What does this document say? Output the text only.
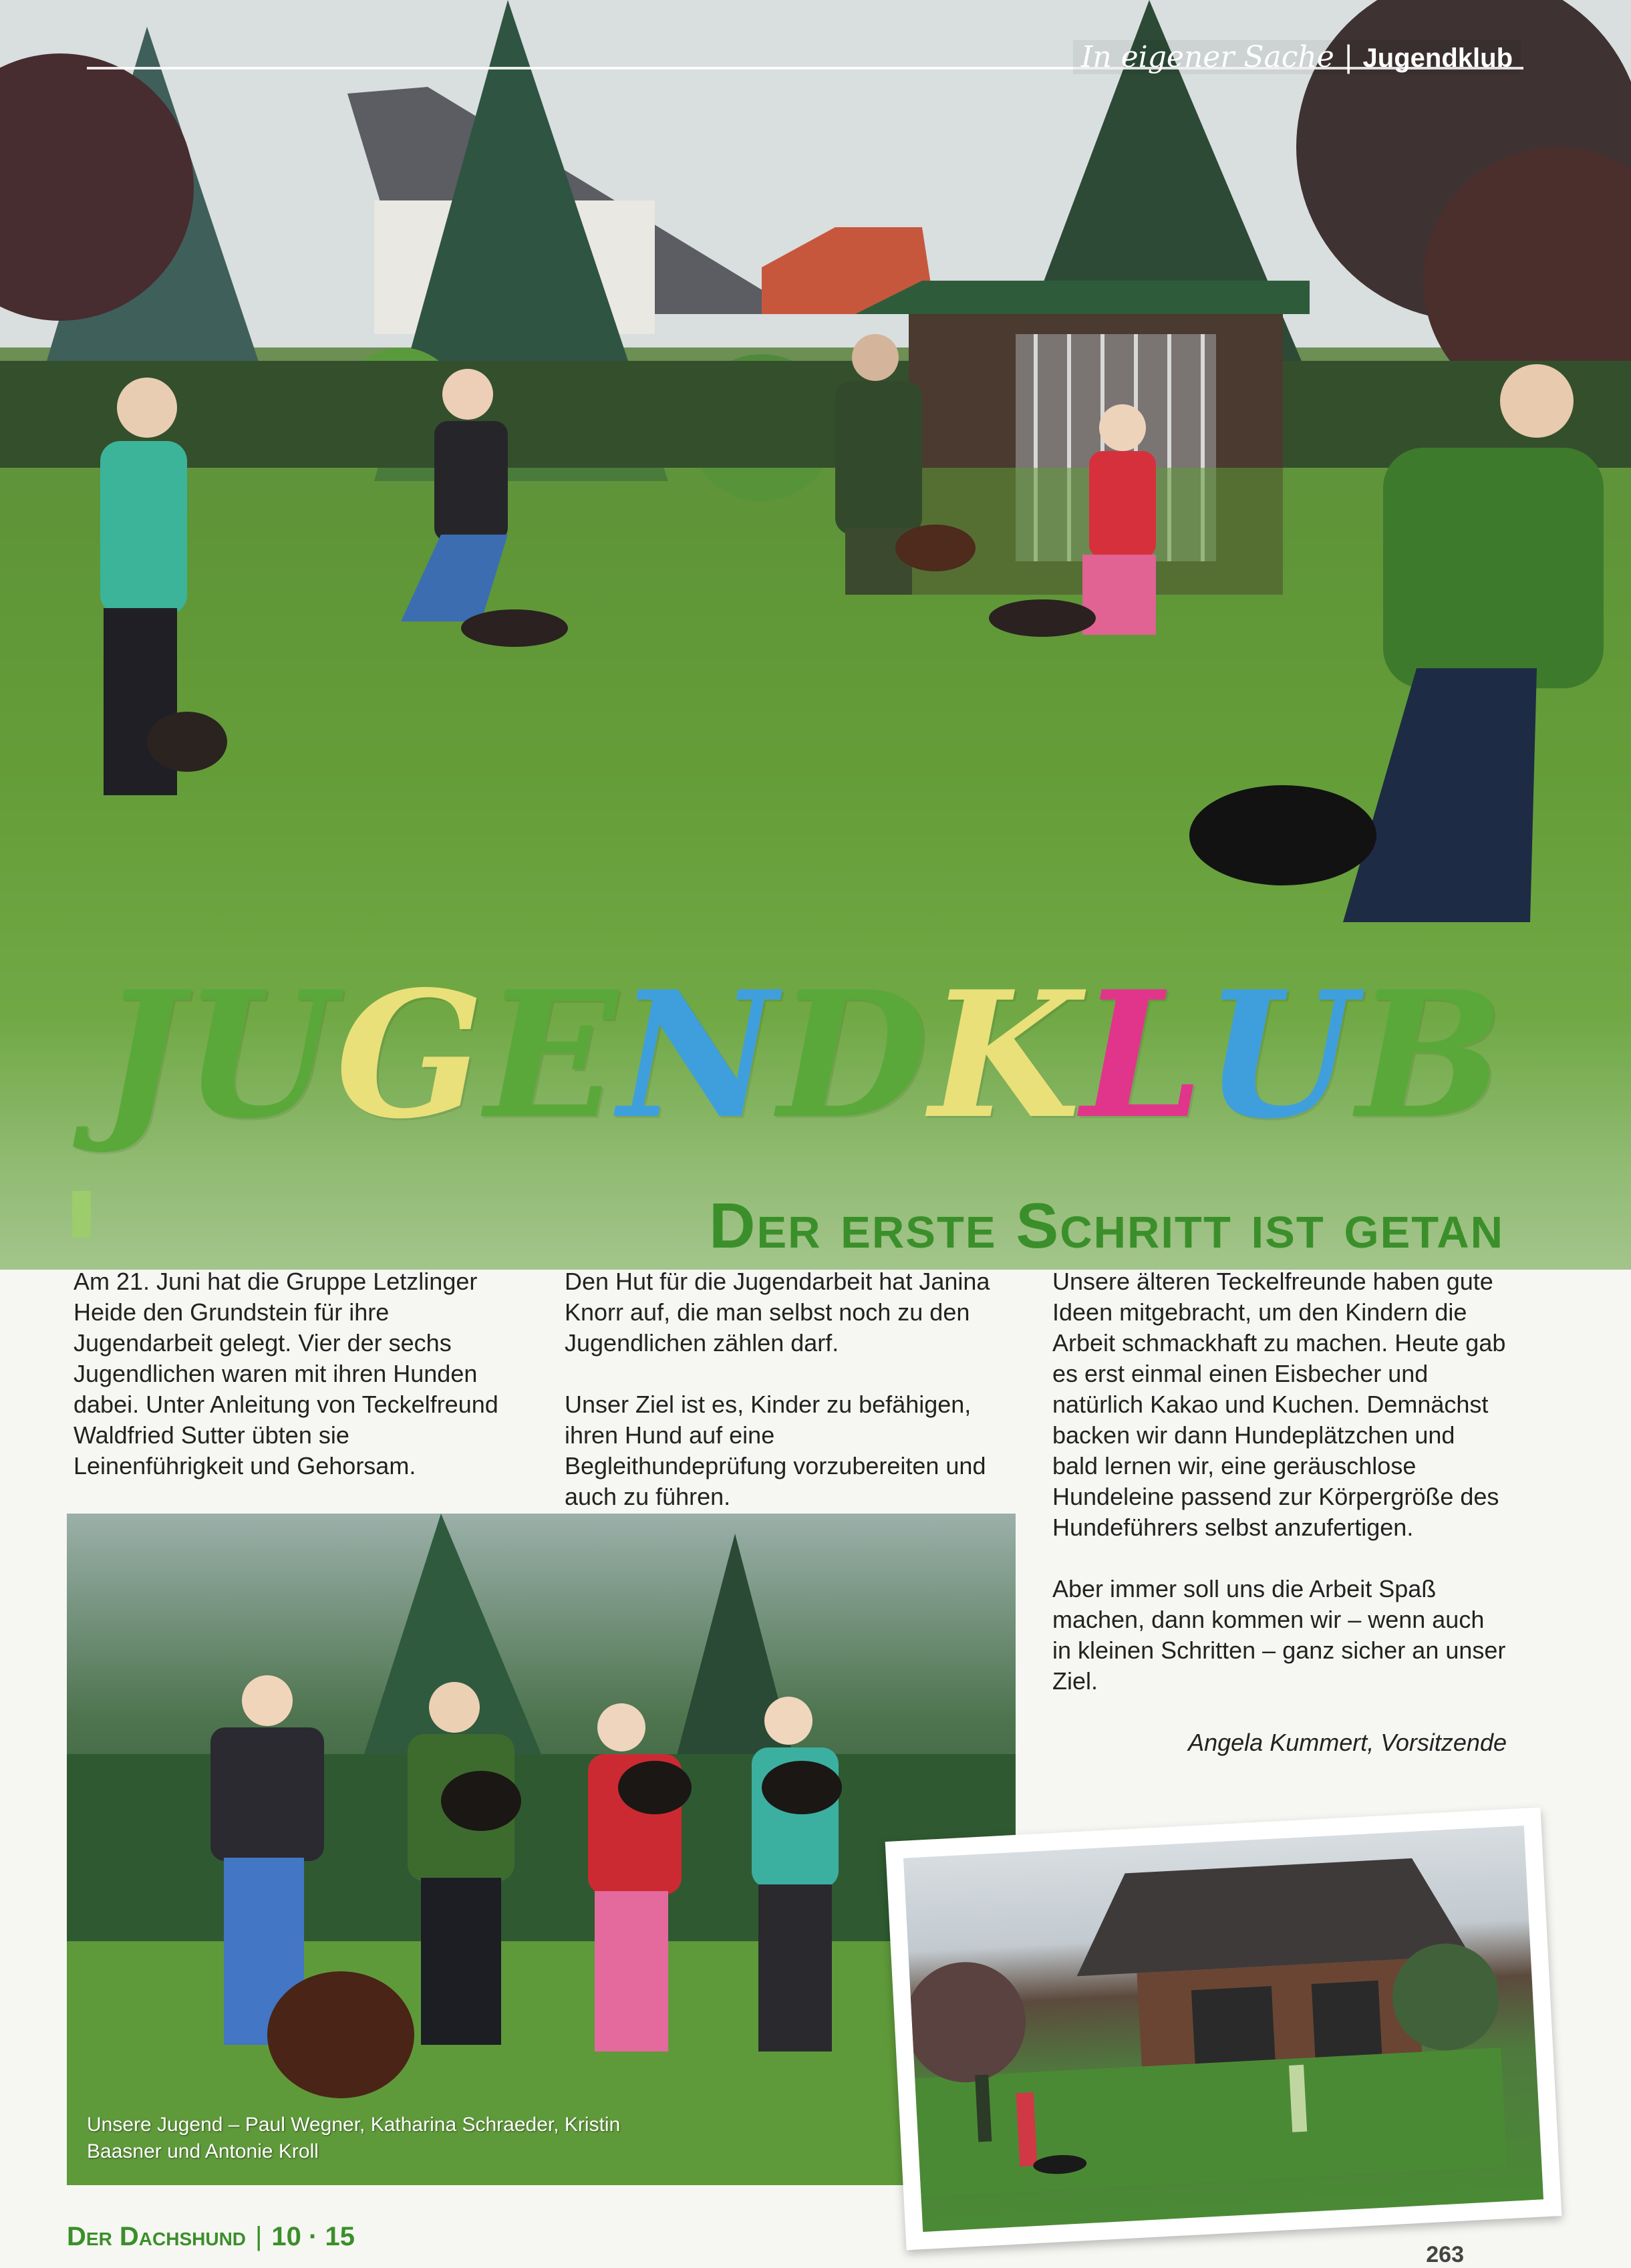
In eigener Sache | Jugendklub
J U G E N D K L U B
Der erste Schritt ist getan

Am 21. Juni hat die Gruppe Letzlinger Heide den Grundstein für ihre Jugendarbeit gelegt. Vier der sechs Jugendlichen waren mit ihren Hunden dabei. Unter Anleitung von Teckelfreund Waldfried Sutter übten sie Leinenführigkeit und Gehorsam.

Den Hut für die Jugendarbeit hat Janina Knorr auf, die man selbst noch zu den Jugendlichen zählen darf.

Unser Ziel ist es, Kinder zu befähigen, ihren Hund auf eine Begleithundeprüfung vorzubereiten und auch zu führen.

Unsere älteren Teckelfreunde haben gute Ideen mitgebracht, um den Kindern die Arbeit schmackhaft zu machen. Heute gab es erst einmal einen Eisbecher und natürlich Kakao und Kuchen. Demnächst backen wir dann Hundeplätzchen und bald lernen wir, eine geräuschlose Hundeleine passend zur Körpergröße des Hundeführers selbst anzufertigen.

Aber immer soll uns die Arbeit Spaß machen, dann kommen wir – wenn auch in kleinen Schritten – ganz sicher an unser Ziel.

Angela Kummert, Vorsitzende
Unsere Jugend – Paul Wegner, Katharina Schraeder, Kristin Baasner und Antonie Kroll
Der Dachshund | 10 · 15
263
